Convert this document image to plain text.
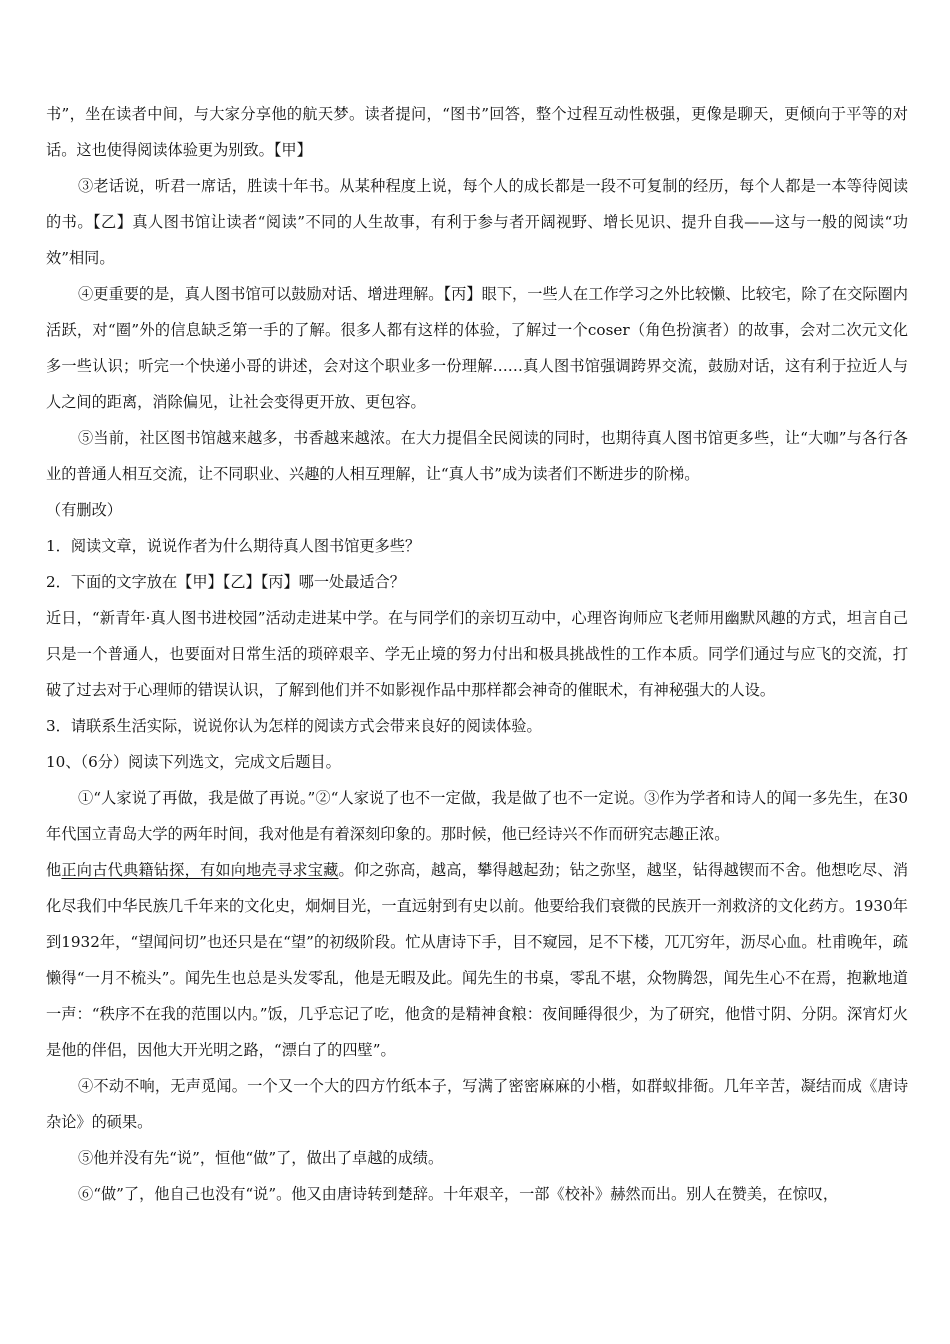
书”，坐在读者中间，与大家分享他的航天梦。读者提问，“图书”回答，整个过程互动性极强，更像是聊天，更倾向于平等的对话。这也使得阅读体验更为别致。【甲】

③老话说，听君一席话，胜读十年书。从某种程度上说，每个人的成长都是一段不可复制的经历，每个人都是一本等待阅读的书。【乙】真人图书馆让读者“阅读”不同的人生故事，有利于参与者开阔视野、增长见识、提升自我——这与一般的阅读“功效”相同。

④更重要的是，真人图书馆可以鼓励对话、增进理解。【丙】眼下，一些人在工作学习之外比较懒、比较宅，除了在交际圈内活跃，对“圈”外的信息缺乏第一手的了解。很多人都有这样的体验，了解过一个coser（角色扮演者）的故事，会对二次元文化多一些认识；听完一个快递小哥的讲述，会对这个职业多一份理解……真人图书馆强调跨界交流，鼓励对话，这有利于拉近人与人之间的距离，消除偏见，让社会变得更开放、更包容。

⑤当前，社区图书馆越来越多，书香越来越浓。在大力提倡全民阅读的同时，也期待真人图书馆更多些，让“大咖”与各行各业的普通人相互交流，让不同职业、兴趣的人相互理解，让“真人书”成为读者们不断进步的阶梯。

（有删改）

1．阅读文章，说说作者为什么期待真人图书馆更多些？

2．下面的文字放在【甲】【乙】【丙】哪一处最适合？

近日，“新青年·真人图书进校园”活动走进某中学。在与同学们的亲切互动中，心理咨询师应飞老师用幽默风趣的方式，坦言自己只是一个普通人，也要面对日常生活的琐碎艰辛、学无止境的努力付出和极具挑战性的工作本质。同学们通过与应飞的交流，打破了过去对于心理师的错误认识，了解到他们并不如影视作品中那样都会神奇的催眠术，有神秘强大的人设。

3．请联系生活实际，说说你认为怎样的阅读方式会带来良好的阅读体验。

10、（6分）阅读下列选文，完成文后题目。

①“人家说了再做，我是做了再说。”②“人家说了也不一定做，我是做了也不一定说。③作为学者和诗人的闻一多先生，在30年代国立青岛大学的两年时间，我对他是有着深刻印象的。那时候，他已经诗兴不作而研究志趣正浓。

他正向古代典籍钻探，有如向地壳寻求宝藏。仰之弥高，越高，攀得越起劲；钻之弥坚，越坚，钻得越锲而不舍。他想吃尽、消化尽我们中华民族几千年来的文化史，炯炯目光，一直远射到有史以前。他要给我们衰微的民族开一剂救济的文化药方。1930年到1932年，“望闻问切”也还只是在“望”的初级阶段。忙从唐诗下手，目不窥园，足不下楼，兀兀穷年，沥尽心血。杜甫晚年，疏懒得“一月不梳头”。闻先生也总是头发零乱，他是无暇及此。闻先生的书桌，零乱不堪，众物腾怨，闻先生心不在焉，抱歉地道一声：“秩序不在我的范围以内。”饭，几乎忘记了吃，他贪的是精神食粮：夜间睡得很少，为了研究，他惜寸阴、分阴。深宵灯火是他的伴侣，因他大开光明之路，“漂白了的四壁”。

④不动不响，无声觅闻。一个又一个大的四方竹纸本子，写满了密密麻麻的小楷，如群蚁排衙。几年辛苦，凝结而成《唐诗杂论》的硕果。

⑤他并没有先“说”，恒他“做”了，做出了卓越的成绩。

⑥“做”了，他自己也没有“说”。他又由唐诗转到楚辞。十年艰辛，一部《校补》赫然而出。别人在赞美，在惊叹，
